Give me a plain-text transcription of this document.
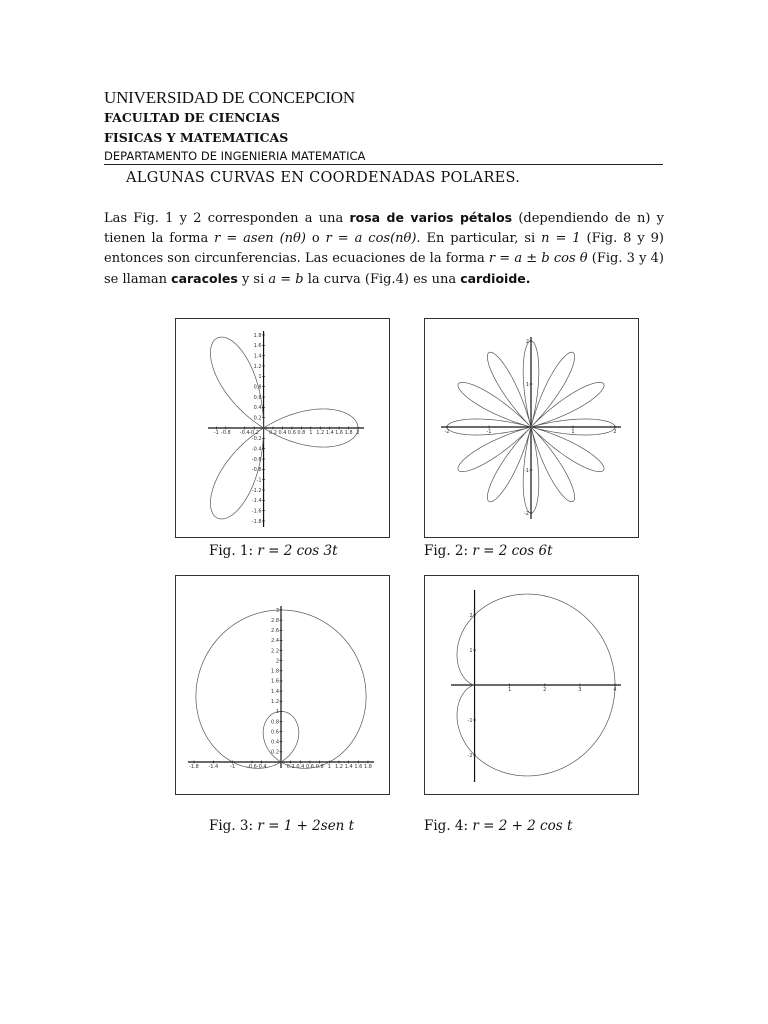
UNIVERSIDAD DE CONCEPCION
FACULTAD DE CIENCIAS
FISICAS Y MATEMATICAS
DEPARTAMENTO DE INGENIERIA MATEMATICA
ALGUNAS CURVAS EN COORDENADAS POLARES.
Las Fig. 1 y 2 corresponden a una rosa de varios pétalos (dependiendo de n) y tienen la forma r = asen (nθ) o r = a cos(nθ). En particular, si n = 1 (Fig. 8 y 9) entonces son circunferencias. Las ecuaciones de la forma r = a ± b cos θ (Fig. 3 y 4) se llaman caracoles y si a = b la curva (Fig.4) es una cardioide.
-1 -0.8 -0.4 -0.2 0.2 0.4 0.6 0.8 1 1.2 1.4 1.6 1.8 2
1.8
1.6
1.4
1.2
1
0.8
0.6
0.4
0.2
-0.2
-0.4
-0.6
-0.8
-1
-1.2
-1.4
-1.6
-1.8
-2	-1	1	2
2
1
-1
-2
-1.8 -1.4 -1 -0.6 -0.4	0.2 0.4 0.6 0.8 1 1.2 1.4 1.6 1.8
3
2.8
2.6
2.4
2.2
2
1.8
1.6
1.4
1.2
1
0.8
0.6
0.4
0.2
1	2	3	4
2
1
-1
-2
Fig. 1: r = 2 cos 3t	Fig. 2: r = 2 cos 6t
Fig. 3: r = 1 + 2sen t	Fig. 4: r = 2 + 2 cos t
